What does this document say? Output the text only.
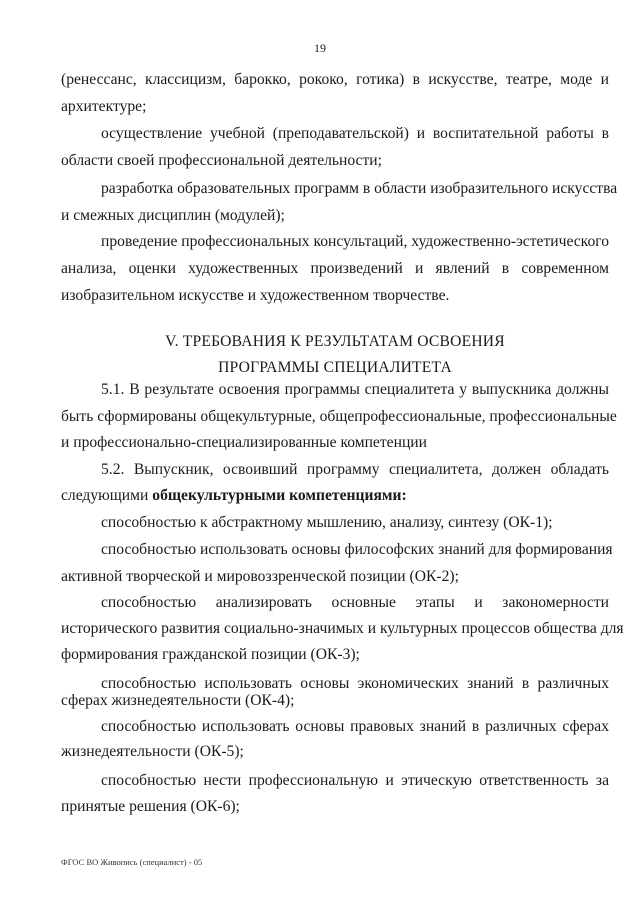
19
(ренессанс, классицизм, барокко, рококо, готика) в искусстве, театре, моде и
архитектуре;
осуществление учебной (преподавательской) и воспитательной работы в
области своей профессиональной деятельности;
разработка образовательных программ в области изобразительного искусства
и смежных дисциплин (модулей);
проведение профессиональных консультаций, художественно-эстетического
анализа, оценки художественных произведений и явлений в современном
изобразительном искусстве и художественном творчестве.
V. ТРЕБОВАНИЯ К РЕЗУЛЬТАТАМ ОСВОЕНИЯ
ПРОГРАММЫ СПЕЦИАЛИТЕТА
5.1. В результате освоения программы специалитета у выпускника должны
быть сформированы общекультурные, общепрофессиональные, профессиональные
и профессионально-специализированные компетенции
5.2. Выпускник, освоивший программу специалитета, должен обладать
следующими общекультурными компетенциями:
способностью к абстрактному мышлению, анализу, синтезу (ОК-1);
способностью использовать основы философских знаний для формирования
активной творческой и мировоззренческой позиции (ОК-2);
способностью анализировать основные этапы и закономерности
исторического развития социально-значимых и культурных процессов общества для
формирования гражданской позиции (ОК-3);
способностью использовать основы экономических знаний в различных
сферах жизнедеятельности (ОК-4);
способностью использовать основы правовых знаний в различных сферах
жизнедеятельности (ОК-5);
способностью нести профессиональную и этическую ответственность за
принятые решения (ОК-6);
ФГОС ВО Живопись (специалист) - 05
